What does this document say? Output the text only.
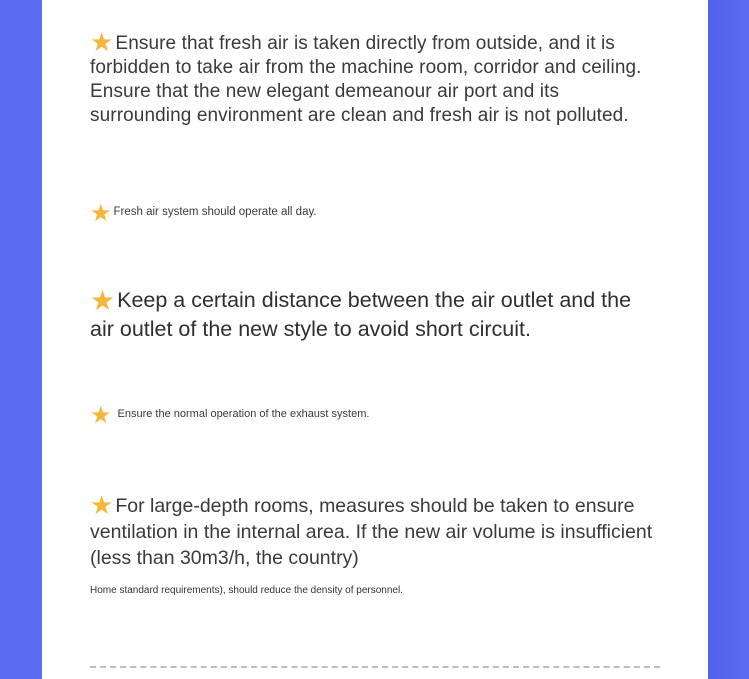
★ Ensure that fresh air is taken directly from outside, and it is forbidden to take air from the machine room, corridor and ceiling. Ensure that the new elegant demeanour air port and its surrounding environment are clean and fresh air is not polluted.
★ Fresh air system should operate all day.
★Keep a certain distance between the air outlet and the air outlet of the new style to avoid short circuit.
★ Ensure the normal operation of the exhaust system.
★ For large-depth rooms, measures should be taken to ensure ventilation in the internal area. If the new air volume is insufficient (less than 30m3/h, the country)
Home standard requirements), should reduce the density of personnel.
